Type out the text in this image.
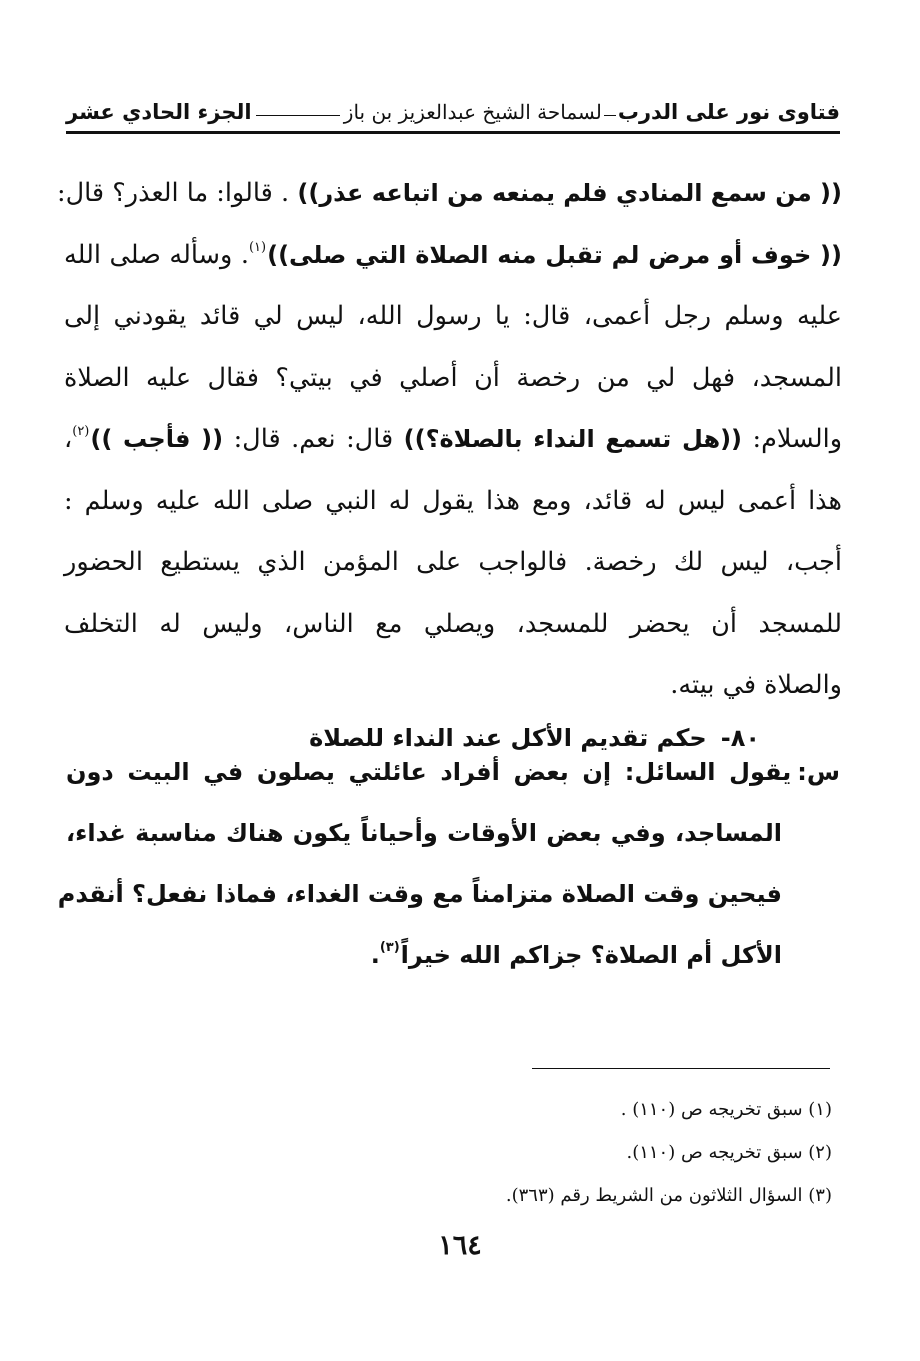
فتاوى نور على الدرب
لسماحة الشيخ عبدالعزيز بن باز
الجزء الحادي عشر
(( من سمع المنادي فلم يمنعه من اتباعه عذر)) . قالوا: ما العذر؟ قال:
(( خوف أو مرض لم تقبل منه الصلاة التي صلى))$^{(١)}$. وسأله صلى الله
عليه وسلم رجل أعمى، قال: يا رسول الله، ليس لي قائد يقودني إلى
المسجد، فهل لي من رخصة أن أصلي في بيتي؟ فقال عليه الصلاة
والسلام: ((هل تسمع النداء بالصلاة؟)) قال: نعم. قال: (( فأجب ))$^{(٢)}$،
هذا أعمى ليس له قائد، ومع هذا يقول له النبي صلى الله عليه وسلم :
أجب، ليس لك رخصة. فالواجب على المؤمن الذي يستطيع الحضور
للمسجد أن يحضر للمسجد، ويصلي مع الناس، وليس له التخلف
والصلاة في بيته.
٨٠-حكم تقديم الأكل عند النداء للصلاة
س:يقول السائل: إن بعض أفراد عائلتي يصلون في البيت دون
المساجد، وفي بعض الأوقات وأحياناً يكون هناك مناسبة غداء،
فيحين وقت الصلاة متزامناً مع وقت الغداء، فماذا نفعل؟ أنقدم
الأكل أم الصلاة؟ جزاكم الله خيراً$^{(٣)}$.
(١) سبق تخريجه ص (١١٠) .
(٢) سبق تخريجه ص (١١٠).
(٣) السؤال الثلاثون من الشريط رقم (٣٦٣).
١٦٤
